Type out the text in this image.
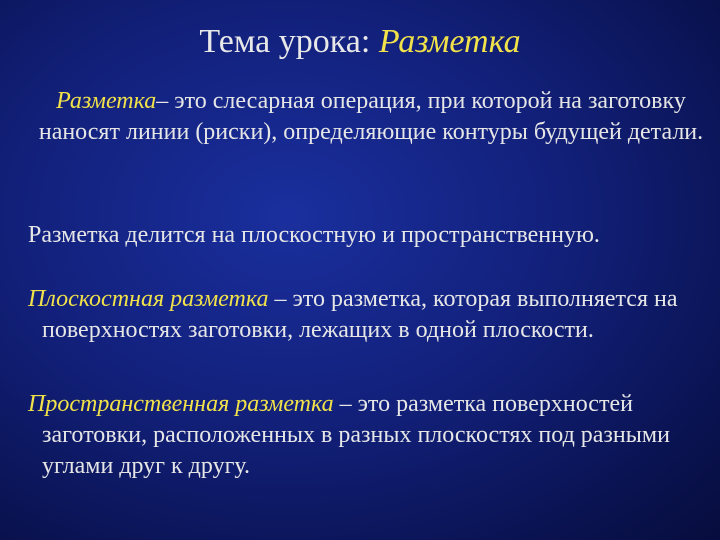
Тема урока: Разметка
Разметка– это слесарная операция, при которой на заготовку наносят линии (риски), определяющие контуры будущей детали.
Разметка делится на плоскостную и пространственную.
Плоскостная разметка – это разметка, которая выполняется на поверхностях заготовки, лежащих в одной плоскости.
Пространственная разметка – это разметка поверхностей заготовки, расположенных в разных плоскостях под разными углами друг к другу.
